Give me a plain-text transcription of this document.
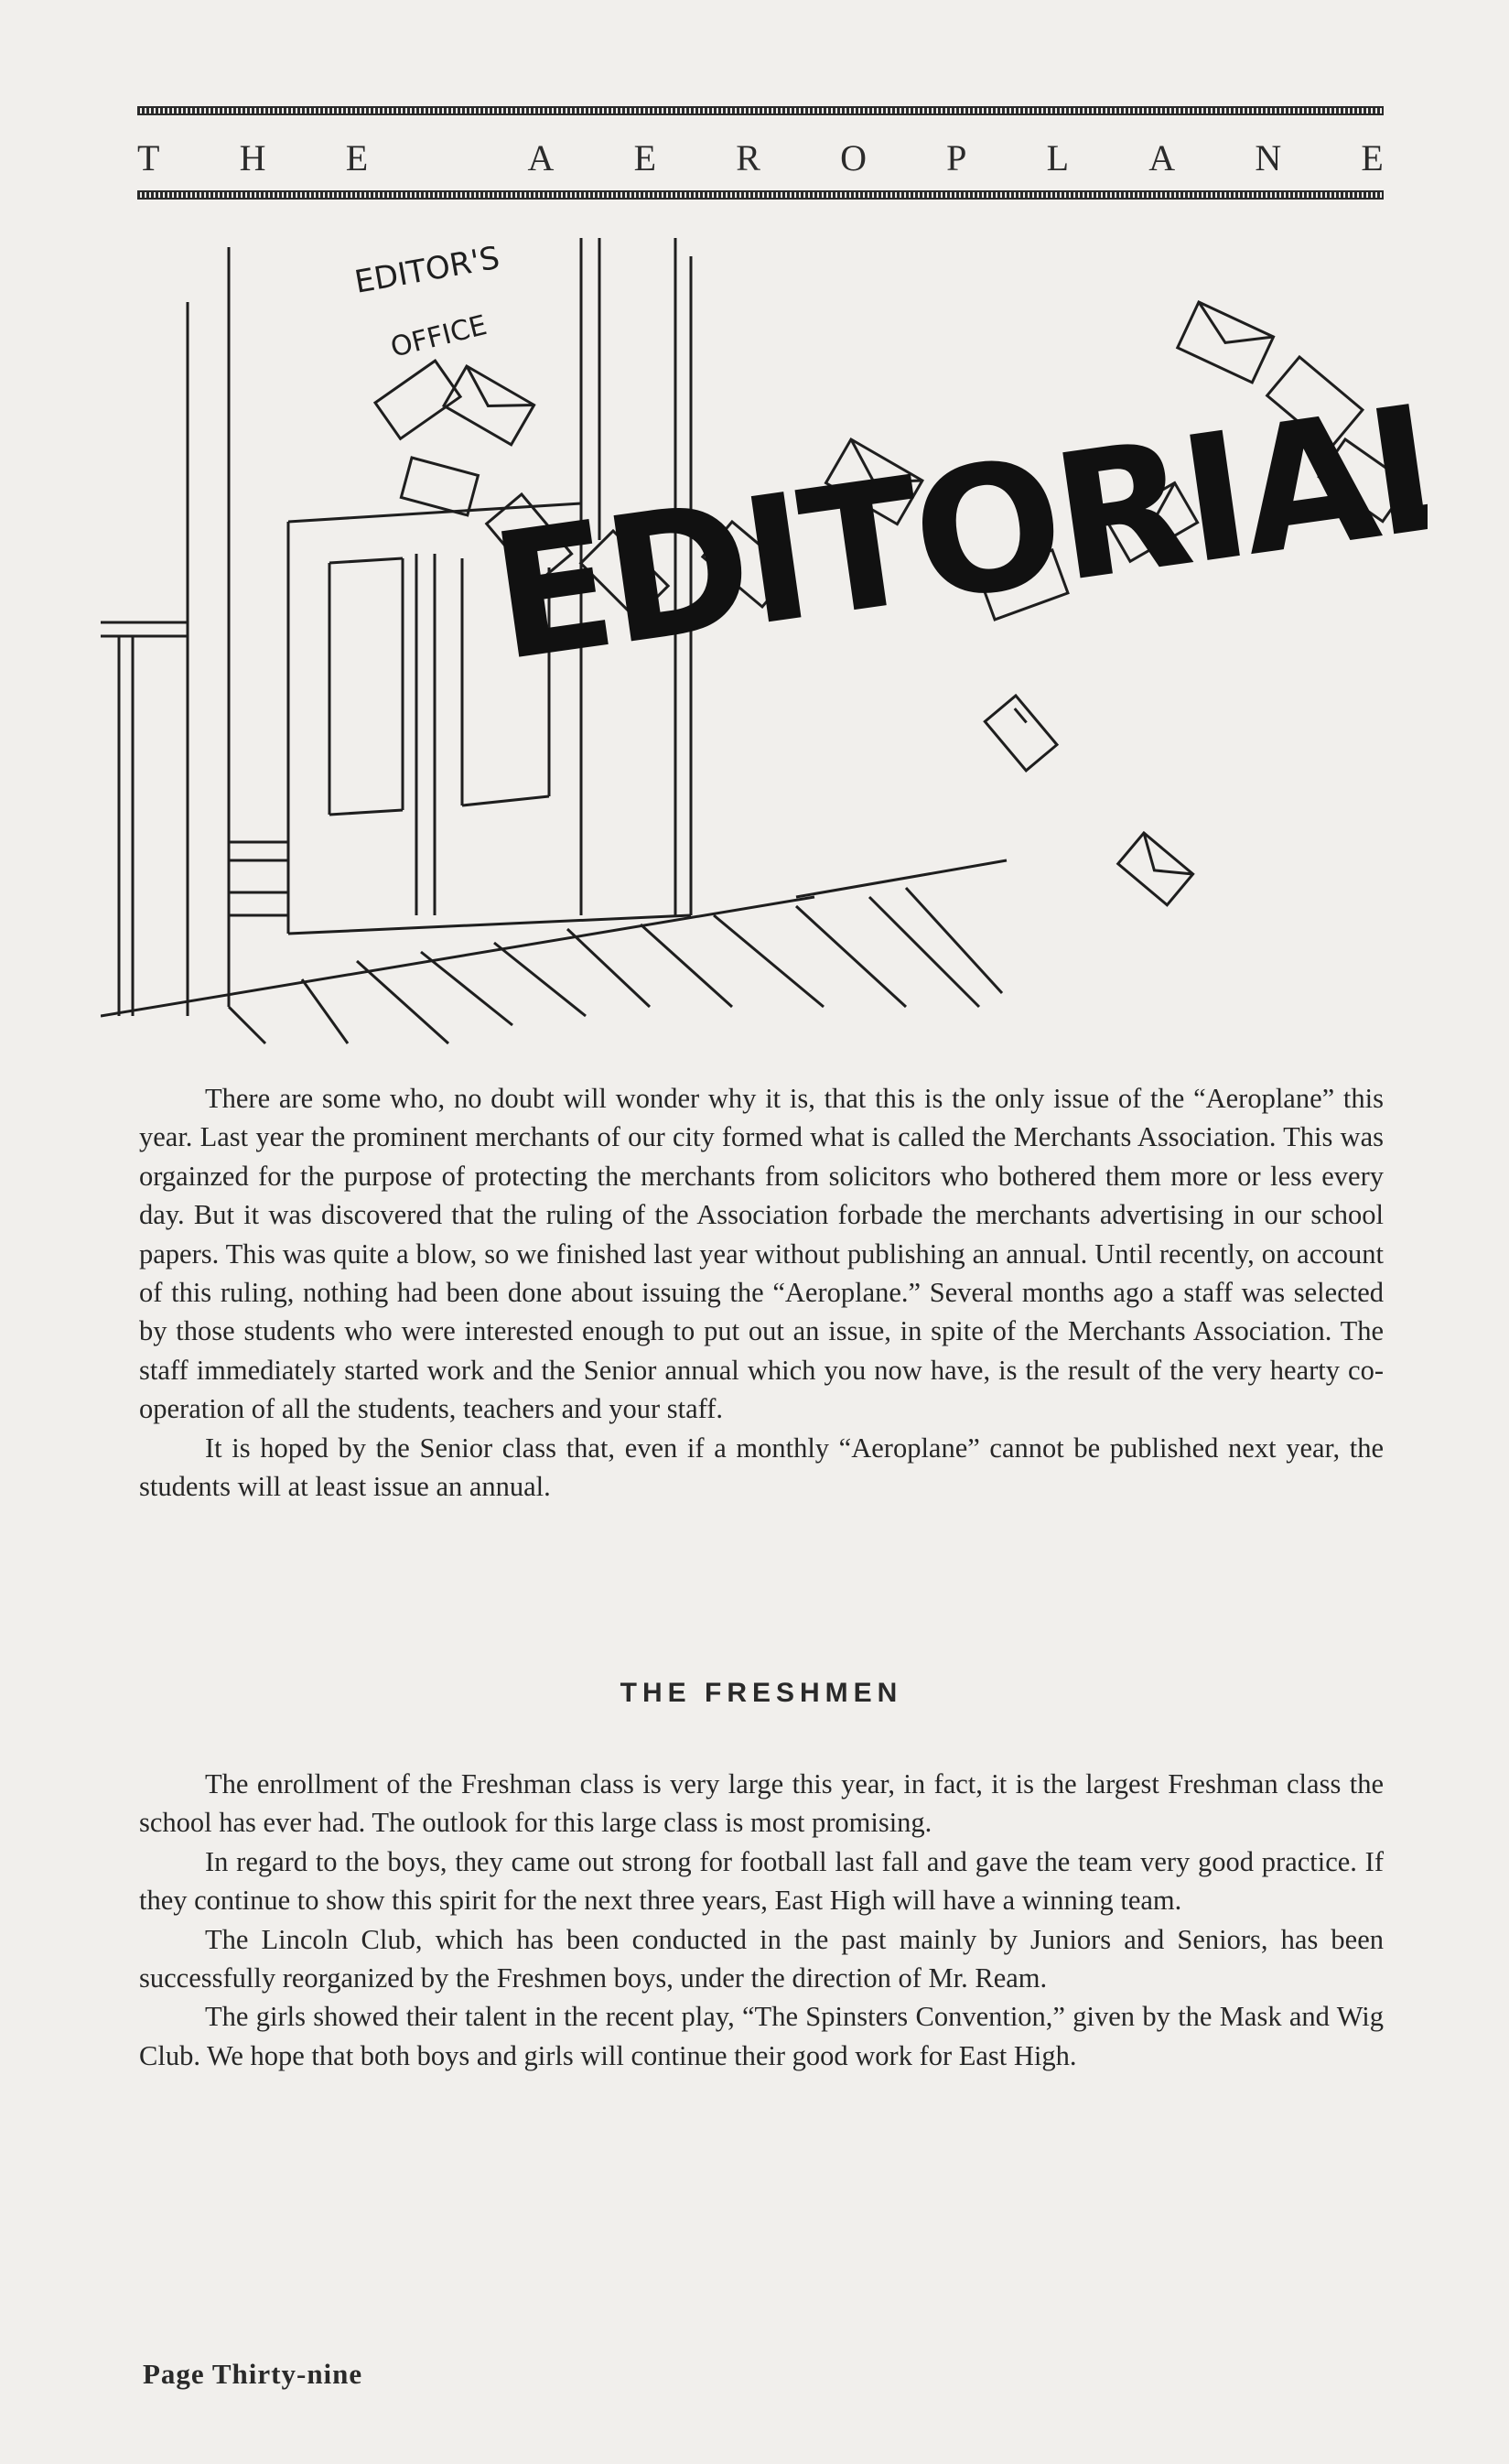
T H E	A E R O P L A N E
EDITOR'S
OFFICE
EDITORIAL

There are some who, no doubt will wonder why it is, that this is the only issue of the “Aeroplane” this year. Last year the prominent merchants of our city formed what is called the Merchants Association. This was orgainzed for the purpose of protecting the merchants from solicitors who bothered them more or less every day. But it was discovered that the ruling of the Association forbade the merchants advertising in our school papers. This was quite a blow, so we finished last year without publishing an annual. Until recently, on account of this ruling, nothing had been done about issuing the “Aeroplane.” Several months ago a staff was selected by those students who were interested enough to put out an issue, in spite of the Merchants Association. The staff immediately started work and the Senior annual which you now have, is the result of the very hearty co-operation of all the students, teachers and your staff.

It is hoped by the Senior class that, even if a monthly “Aeroplane” cannot be published next year, the students will at least issue an annual.

THE FRESHMEN

The enrollment of the Freshman class is very large this year, in fact, it is the largest Freshman class the school has ever had. The outlook for this large class is most promising.

In regard to the boys, they came out strong for football last fall and gave the team very good practice. If they continue to show this spirit for the next three years, East High will have a winning team.

The Lincoln Club, which has been conducted in the past mainly by Juniors and Seniors, has been successfully reorganized by the Freshmen boys, under the direction of Mr. Ream.

The girls showed their talent in the recent play, “The Spinsters Convention,” given by the Mask and Wig Club. We hope that both boys and girls will continue their good work for East High.

Page Thirty-nine
